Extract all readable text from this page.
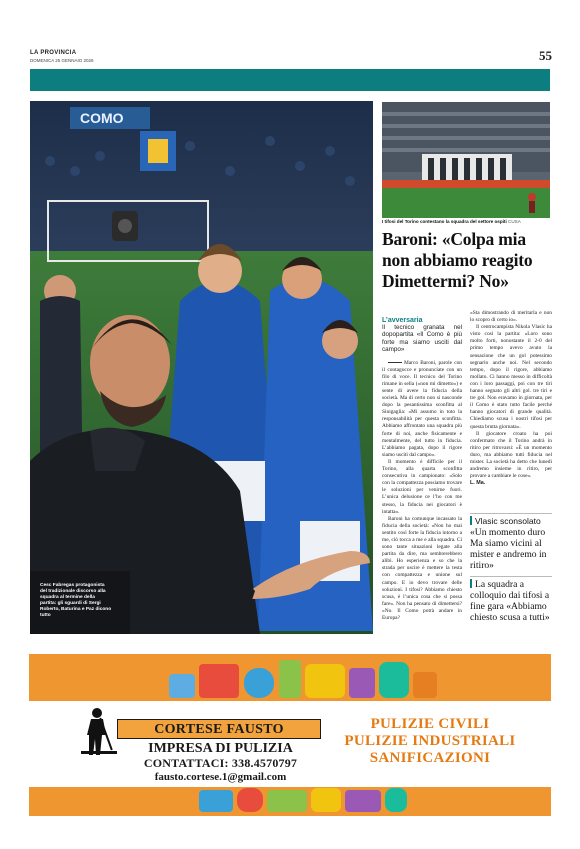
LA PROVINCIA
DOMENICA 25 GENNAIO 2026	55
COMO
Cesc Fabregas protagonista del tradizionale discorso alla squadra al termine della partita: gli sguardi di Sergi Roberto, Baturina e Paz dicono tutto
I tifosi del Torino contestano la squadra del settore ospiti CUSA
Baroni: «Colpa mia non abbiamo reagito Dimettermi? No»

L’avversaria

Il tecnico granata nel dopopartita «Il Como è più forte ma siamo usciti dal campo»

Marco Baroni, parole con il contagocce e pronunciate con un filo di voce. Il tecnico del Torino rimane in sella («non mi dimetto») e sente di avere la fiducia della società. Ma di certo non si nasconde dopo la pesantissima sconfitta al Sinigaglia: «Mi assumo in toto la responsabilità per questa sconfitta. Abbiamo affrontato una squadra più forte di noi, anche fisicamente e mentalmente, del tutto in fiducia. L’abbiamo pagata, dopo il rigore siamo usciti dal campo».

Il momento è difficile per il Torino, alla quarta sconfitta consecutiva in campionato: «Solo con la compattezza possiamo trovare le soluzioni per venirne fuori. L’unica delusione ce l’ho con me stesso, la fiducia nei giocatori è intatta».

Baroni ha comunque incassato la fiducia della società: «Non ho mai sentito così forte la fiducia intorno a me, ciò tocca a me e alla squadra. Ci sono tante situazioni legate alla partita da dire, ma sembrerebbero alibi. Ho esperienza e so che la strada per uscire è mettere la testa con compattezza e unione sul campo. E io devo trovare delle soluzioni. I tifosi? Abbiamo chiesto scusa, è l’unica cosa che si possa fare». Non ha pensato di dimettersi? «No. Il Como potrà andare in Europa?

«Sta dimostrando di meritarla e non lo scopro di certo io».

Il centrocampista Nikola Vlasic ha visto così la partita: «Loro sono molto forti, nonostante il 2-0 del primo tempo avevo avuto la sensazione che un gol potessimo segnarlo anche noi. Nel secondo tempo, dopo il rigore, abbiamo mollato. Ci hanno messo in difficoltà con i loro passaggi, poi con tre tiri hanno segnato gli altri gol. tre tiri e tre gol. Non eravamo in giornata, per il Como è stato tutto facile perché hanno giocatori di grande qualità. Chiediamo scusa i nostri tifosi per questa brutta giornata».

Il giocatore croato ha poi confermato che il Torino andrà in ritiro per ritrovarsi: «È un momento duro, ma abbiamo tutti fiducia nel mister. La società ha detto che lunedì andremo insieme in ritiro, per provare a cambiare le cose».

L. Ma.

Vlasic sconsolato
«Un momento duro Ma siamo vicini al mister e andremo in ritiro»
La squadra a colloquio dai tifosi a fine gara «Abbiamo chiesto scusa a tutti»
CORTESE FAUSTO
IMPRESA DI PULIZIA
CONTATTACI: 338.4570797
fausto.cortese.1@gmail.com
PULIZIE CIVILI
PULIZIE INDUSTRIALI
SANIFICAZIONI
